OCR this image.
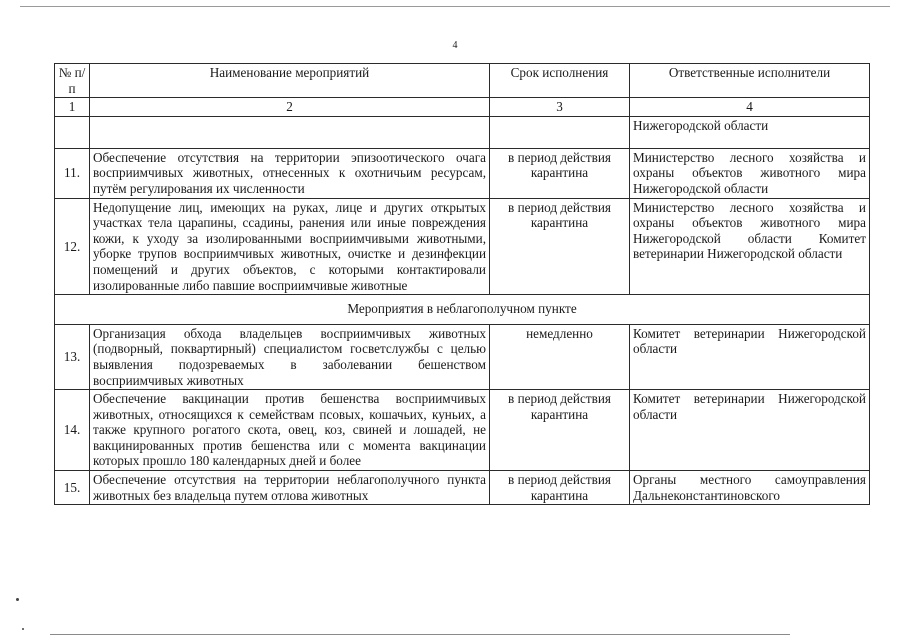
4
№ п/п	Наименование мероприятий	Срок исполнения	Ответственные исполнители
1	2	3	4
			Нижегородской области
11.	Обеспечение отсутствия на территории эпизоотического очага восприимчивых животных, отнесенных к охотничьим ресурсам, путём регулирования их численности	в период действия карантина	Министерство лесного хозяйства и охраны объектов животного мира Нижегородской области
12.	Недопущение лиц, имеющих на руках, лице и других открытых участках тела царапины, ссадины, ранения или иные повреждения кожи, к уходу за изолированными восприимчивыми животными, уборке трупов восприимчивых животных, очистке и дезинфекции помещений и других объектов, с которыми контактировали изолированные либо павшие восприимчивые животные	в период действия карантина	Министерство лесного хозяйства и охраны объектов животного мира Нижегородской области Комитет ветеринарии Нижегородской области
Мероприятия в неблагополучном пункте			
13.	Организация обхода владельцев восприимчивых животных (подворный, поквартирный) специалистом госветслужбы с целью выявления подозреваемых в заболевании бешенством восприимчивых животных	немедленно	Комитет ветеринарии Нижегородской области
14.	Обеспечение вакцинации против бешенства восприимчивых животных, относящихся к семействам псовых, кошачьих, куньих, а также крупного рогатого скота, овец, коз, свиней и лошадей, не вакцинированных против бешенства или с момента вакцинации которых прошло 180 календарных дней и более	в период действия карантина	Комитет ветеринарии Нижегородской области
15.	Обеспечение отсутствия на территории неблагополучного пункта животных без владельца путем отлова животных	в период действия карантина	Органы местного самоуправления Дальнеконстантиновского
